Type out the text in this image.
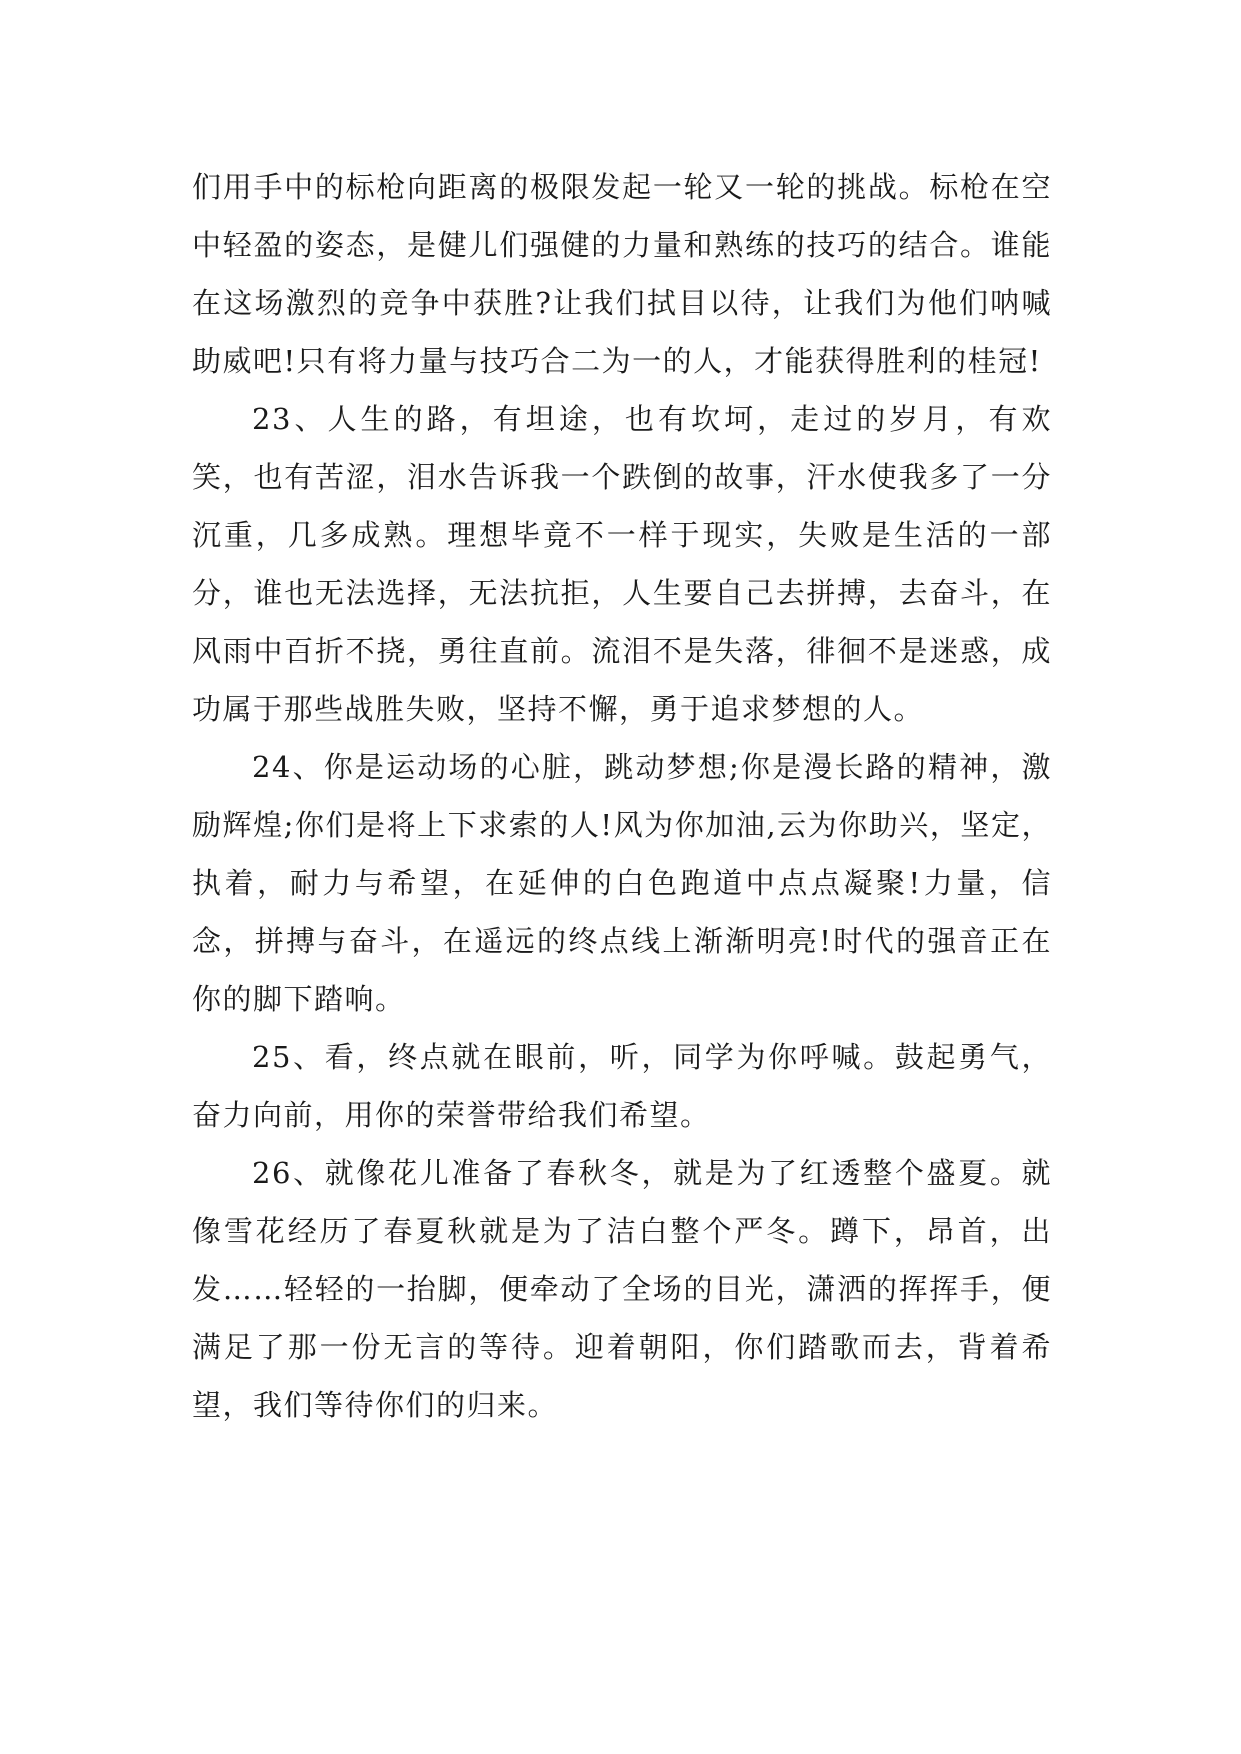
们用手中的标枪向距离的极限发起一轮又一轮的挑战。标枪在空中轻盈的姿态，是健儿们强健的力量和熟练的技巧的结合。谁能在这场激烈的竞争中获胜?让我们拭目以待，让我们为他们呐喊助威吧!只有将力量与技巧合二为一的人，才能获得胜利的桂冠!

23、人生的路，有坦途，也有坎坷，走过的岁月，有欢笑，也有苦涩，泪水告诉我一个跌倒的故事，汗水使我多了一分沉重，几多成熟。理想毕竟不一样于现实，失败是生活的一部分，谁也无法选择，无法抗拒，人生要自己去拼搏，去奋斗，在风雨中百折不挠，勇往直前。流泪不是失落，徘徊不是迷惑，成功属于那些战胜失败，坚持不懈，勇于追求梦想的人。

24、你是运动场的心脏，跳动梦想;你是漫长路的精神，激励辉煌;你们是将上下求索的人!风为你加油,云为你助兴，坚定，执着，耐力与希望，在延伸的白色跑道中点点凝聚!力量，信念，拼搏与奋斗，在遥远的终点线上渐渐明亮!时代的强音正在你的脚下踏响。

25、看，终点就在眼前，听，同学为你呼喊。鼓起勇气，奋力向前，用你的荣誉带给我们希望。

26、就像花儿准备了春秋冬，就是为了红透整个盛夏。就像雪花经历了春夏秋就是为了洁白整个严冬。蹲下，昂首，出发……轻轻的一抬脚，便牵动了全场的目光，潇洒的挥挥手，便满足了那一份无言的等待。迎着朝阳，你们踏歌而去，背着希望，我们等待你们的归来。
